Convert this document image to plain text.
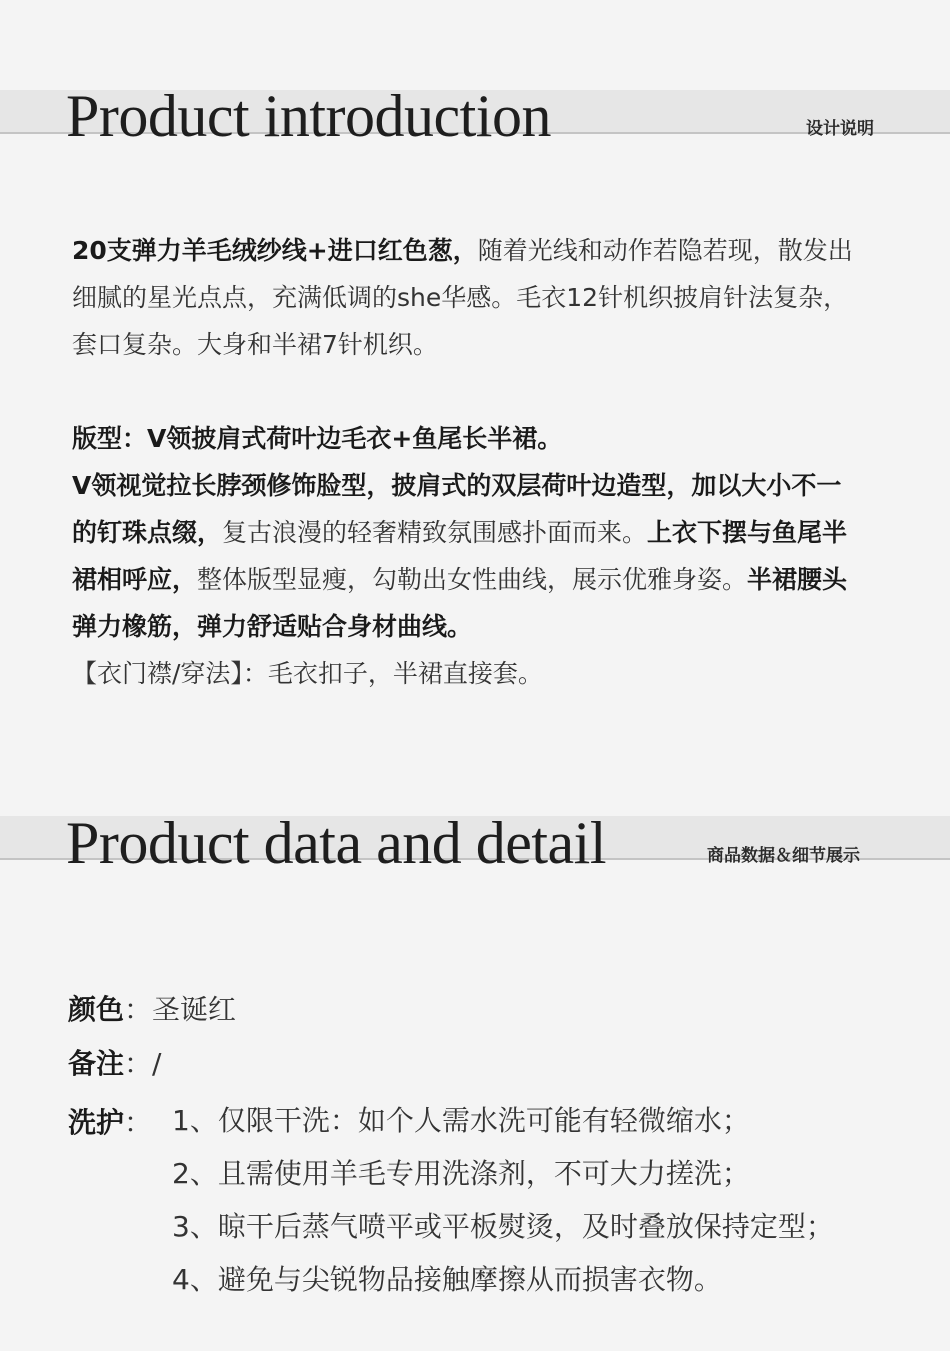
Product introduction	设计说明

20支弹力羊毛绒纱线+进口红色葱，随着光线和动作若隐若现，散发出细腻的星光点点，充满低调的she华感。毛衣12针机织披肩针法复杂，套口复杂。大身和半裙7针机织。

版型：V领披肩式荷叶边毛衣+鱼尾长半裙。

V领视觉拉长脖颈修饰脸型，披肩式的双层荷叶边造型，加以大小不一的钉珠点缀，复古浪漫的轻奢精致氛围感扑面而来。上衣下摆与鱼尾半裙相呼应，整体版型显瘦，勾勒出女性曲线，展示优雅身姿。半裙腰头弹力橡筋，弹力舒适贴合身材曲线。

【衣门襟/穿法】：毛衣扣子，半裙直接套。

Product data and detail	商品数据＆细节展示
颜色：圣诞红
备注：/
洗护： 1、仅限干洗：如个人需水洗可能有轻微缩水；
2、且需使用羊毛专用洗涤剂，不可大力搓洗；
3、晾干后蒸气喷平或平板熨烫，及时叠放保持定型；
4、避免与尖锐物品接触摩擦从而损害衣物。
